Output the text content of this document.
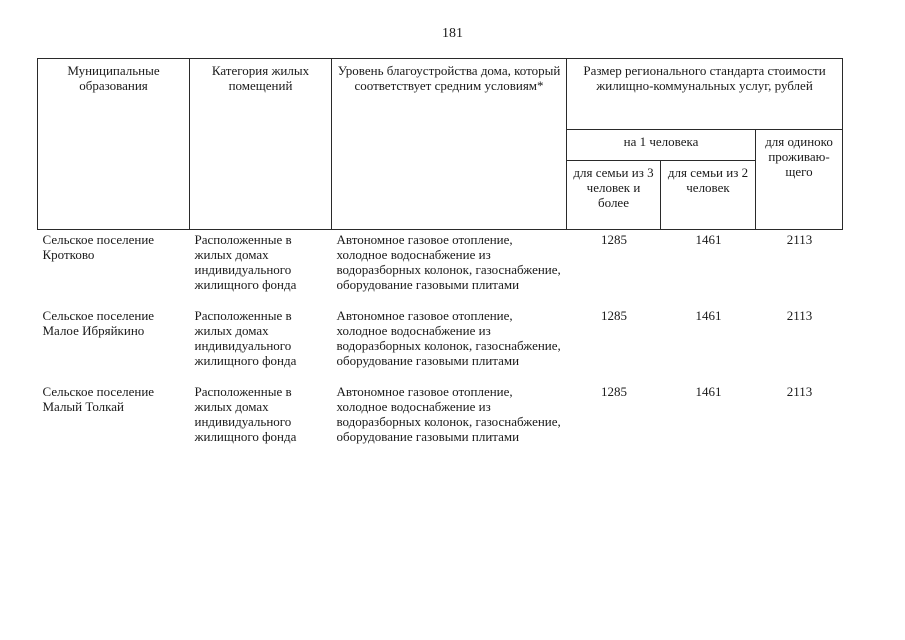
181
Муниципальные образования	Категория жилых помещений	Уровень благоустройства дома, который соответствует средним условиям*	Размер регионального стандарта стоимости жилищно-коммунальных услуг, рублей		
			на 1 человека		для одиноко проживаю-щего
			для семьи из 3 человек и более	для семьи из 2 человек	
Сельское поселение Кротково	Расположенные в жилых домах индивидуального жилищного фонда	Автономное газовое отопление, холодное водоснабжение из водоразборных колонок, газоснабжение, оборудование газовыми плитами	1285	1461	2113
Сельское поселение Малое Ибряйкино	Расположенные в жилых домах индивидуального жилищного фонда	Автономное газовое отопление, холодное водоснабжение из водоразборных колонок, газоснабжение, оборудование газовыми плитами	1285	1461	2113
Сельское поселение Малый Толкай	Расположенные в жилых домах индивидуального жилищного фонда	Автономное газовое отопление, холодное водоснабжение из водоразборных колонок, газоснабжение, оборудование газовыми плитами	1285	1461	2113
